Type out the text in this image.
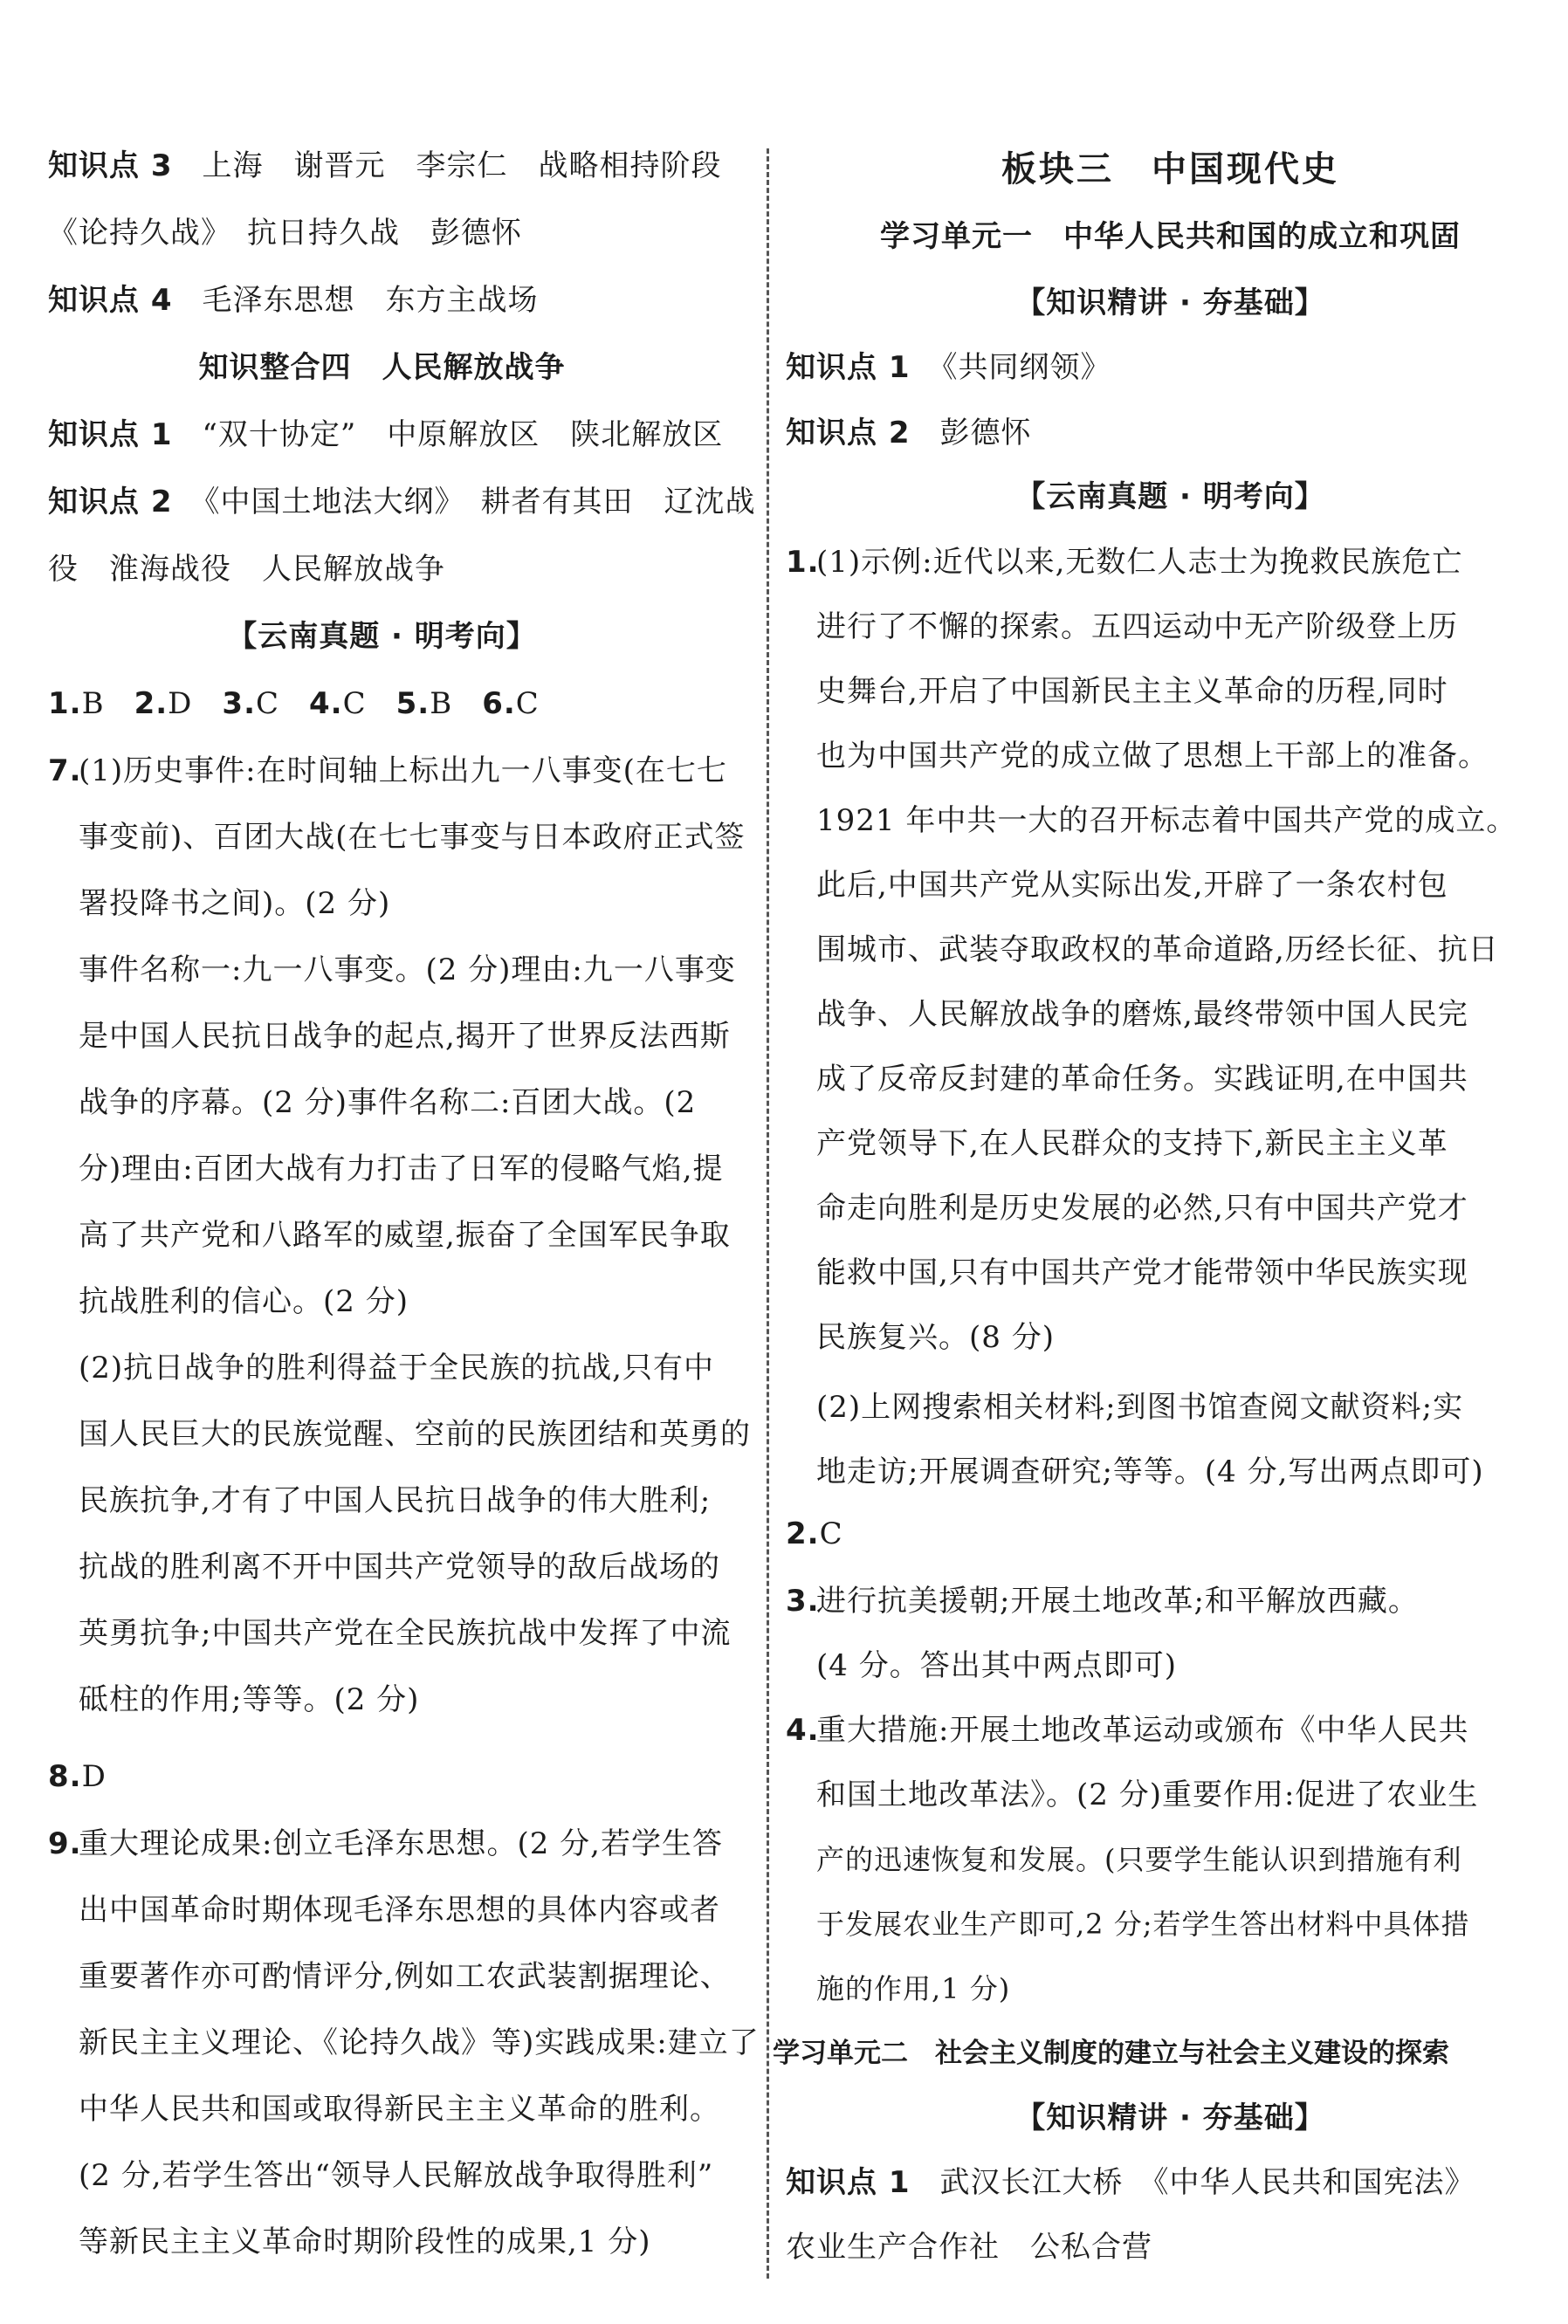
知识点 3 上海　谢晋元　李宗仁　战略相持阶段
《论持久战》　抗日持久战　彭德怀
知识点 4 毛泽东思想　东方主战场
知识整合四　人民解放战争
知识点 1 “双十协定”　中原解放区　陕北解放区
知识点 2 《中国土地法大纲》　耕者有其田　辽沈战
役　淮海战役　人民解放战争
【云南真题 · 明考向】
1.B 2.D 3.C 4.C 5.B 6.C
7.
(1)历史事件:在时间轴上标出九一八事变(在七七
事变前)、百团大战(在七七事变与日本政府正式签
署投降书之间)。(2 分)
事件名称一:九一八事变。(2 分)理由:九一八事变
是中国人民抗日战争的起点,揭开了世界反法西斯
战争的序幕。(2 分)事件名称二:百团大战。(2
分)理由:百团大战有力打击了日军的侵略气焰,提
高了共产党和八路军的威望,振奋了全国军民争取
抗战胜利的信心。(2 分)
(2)抗日战争的胜利得益于全民族的抗战,只有中
国人民巨大的民族觉醒、空前的民族团结和英勇的
民族抗争,才有了中国人民抗日战争的伟大胜利;
抗战的胜利离不开中国共产党领导的敌后战场的
英勇抗争;中国共产党在全民族抗战中发挥了中流
砥柱的作用;等等。(2 分)
8.D
9.
重大理论成果:创立毛泽东思想。(2 分,若学生答
出中国革命时期体现毛泽东思想的具体内容或者
重要著作亦可酌情评分,例如工农武装割据理论、
新民主主义理论、《论持久战》等)实践成果:建立了
中华人民共和国或取得新民主主义革命的胜利。
(2 分,若学生答出“领导人民解放战争取得胜利”
等新民主主义革命时期阶段性的成果,1 分)
板块三　中国现代史
学习单元一　中华人民共和国的成立和巩固
【知识精讲 · 夯基础】
知识点 1 《共同纲领》
知识点 2 彭德怀
【云南真题 · 明考向】
1.
(1)示例:近代以来,无数仁人志士为挽救民族危亡
进行了不懈的探索。五四运动中无产阶级登上历
史舞台,开启了中国新民主主义革命的历程,同时
也为中国共产党的成立做了思想上干部上的准备。
1921 年中共一大的召开标志着中国共产党的成立。
此后,中国共产党从实际出发,开辟了一条农村包
围城市、武装夺取政权的革命道路,历经长征、抗日
战争、人民解放战争的磨炼,最终带领中国人民完
成了反帝反封建的革命任务。实践证明,在中国共
产党领导下,在人民群众的支持下,新民主主义革
命走向胜利是历史发展的必然,只有中国共产党才
能救中国,只有中国共产党才能带领中华民族实现
民族复兴。(8 分)
(2)上网搜索相关材料;到图书馆查阅文献资料;实
地走访;开展调查研究;等等。(4 分,写出两点即可)
2.C
3.
进行抗美援朝;开展土地改革;和平解放西藏。
(4 分。答出其中两点即可)
4.
重大措施:开展土地改革运动或颁布《中华人民共
和国土地改革法》。(2 分)重要作用:促进了农业生
产的迅速恢复和发展。(只要学生能认识到措施有利
于发展农业生产即可,2 分;若学生答出材料中具体措
施的作用,1 分)
学习单元二　社会主义制度的建立与社会主义建设的探索
【知识精讲 · 夯基础】
知识点 1 武汉长江大桥　《中华人民共和国宪法》
农业生产合作社　公私合营
